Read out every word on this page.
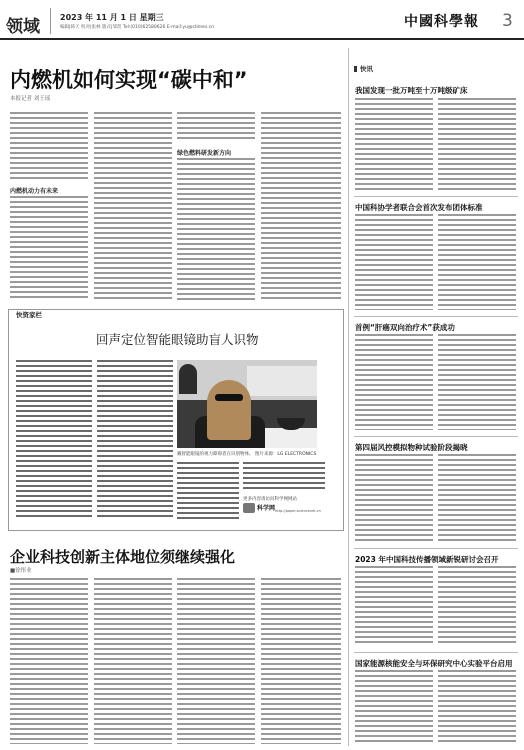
领域	2023 年 11 月 1 日 星期三
编辑|韩天 校对|张林 版式|邹贺 Tel:(010)62580626 E-mail:yu@stimes.cn	中國科學報 3
内燃机如何实现“碳中和”
本报记者 刘王瑶
内燃机动力有未来
绿色燃料研发新方向
快资家栏
回声定位智能眼镜助盲人识物
戴智能眼镜的视力障碍者在识别物体。 图片来源：LG ELECTRONICS
更多内容请访问科学网网站
科学网 http://paper.sciencenet.cn
企业科技创新主体地位须继续强化
■徐彤业
快讯
我国发现一批万吨至十万吨级矿床
中国科协学者联合会首次发布团体标准
首例“肝癌双向治疗术”获成功
第四届风控模拟物种试验阶段揭晓
2023 年中国科技传播领域新锐研讨会召开
国家能源核能安全与环保研究中心实验平台启用
